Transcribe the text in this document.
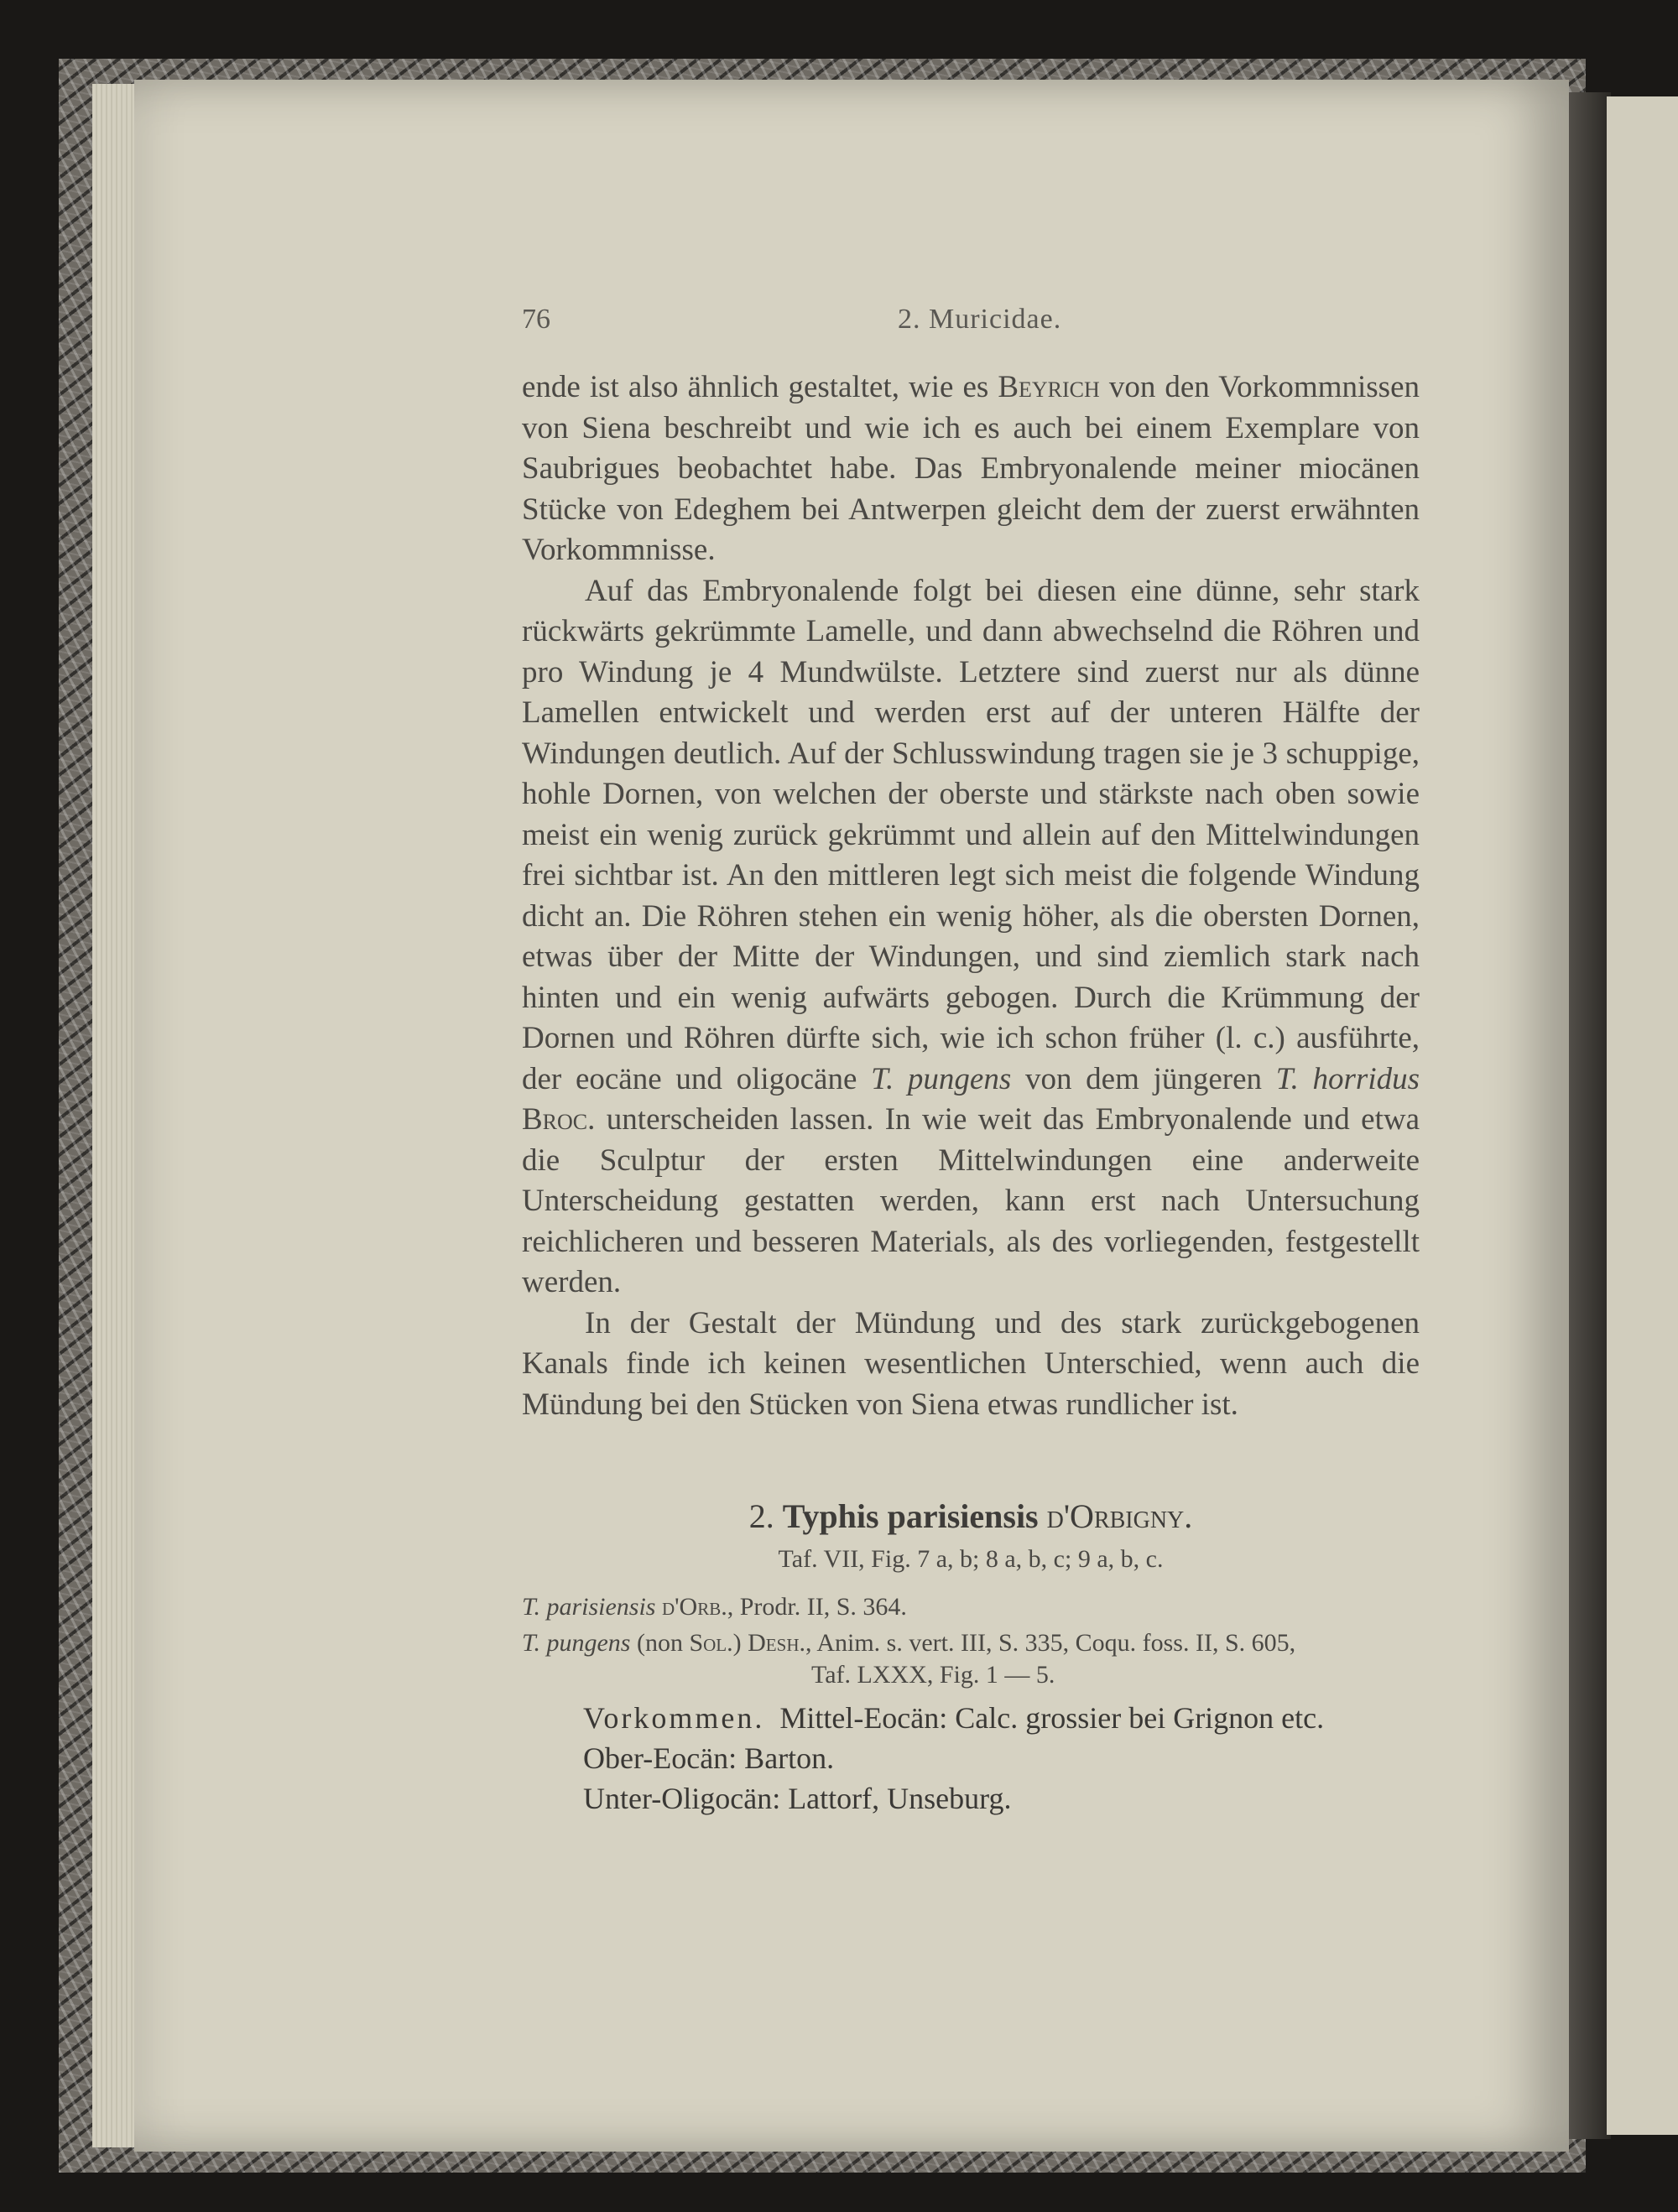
76	2. Muricidae.

ende ist also ähnlich gestaltet, wie es Beyrich von den Vorkommnissen von Siena beschreibt und wie ich es auch bei einem Exemplare von Saubrigues beobachtet habe. Das Embryonalende meiner miocänen Stücke von Edeghem bei Antwerpen gleicht dem der zuerst erwähnten Vorkommnisse.

Auf das Embryonalende folgt bei diesen eine dünne, sehr stark rückwärts gekrümmte Lamelle, und dann abwechselnd die Röhren und pro Windung je 4 Mundwülste. Letztere sind zuerst nur als dünne Lamellen entwickelt und werden erst auf der unteren Hälfte der Windungen deutlich. Auf der Schlusswindung tragen sie je 3 schuppige, hohle Dornen, von welchen der oberste und stärkste nach oben sowie meist ein wenig zurück gekrümmt und allein auf den Mittelwindungen frei sichtbar ist. An den mittleren legt sich meist die folgende Windung dicht an. Die Röhren stehen ein wenig höher, als die obersten Dornen, etwas über der Mitte der Windungen, und sind ziemlich stark nach hinten und ein wenig aufwärts gebogen. Durch die Krümmung der Dornen und Röhren dürfte sich, wie ich schon früher (l. c.) ausführte, der eocäne und oligocäne T. pungens von dem jüngeren T. horridus Broc. unterscheiden lassen. In wie weit das Embryonalende und etwa die Sculptur der ersten Mittelwindungen eine anderweite Unterscheidung gestatten werden, kann erst nach Untersuchung reichlicheren und besseren Materials, als des vorliegenden, festgestellt werden.

In der Gestalt der Mündung und des stark zurückgebogenen Kanals finde ich keinen wesentlichen Unterschied, wenn auch die Mündung bei den Stücken von Siena etwas rundlicher ist.

2. Typhis parisiensis d'Orbigny.
Taf. VII, Fig. 7 a, b; 8 a, b, c; 9 a, b, c.
T. parisiensis d'Orb., Prodr. II, S. 364.
T. pungens (non Sol.) Desh., Anim. s. vert. III, S. 335, Coqu. foss. II, S. 605,
Taf. LXXX, Fig. 1 — 5.
Vorkommen. Mittel-Eocän: Calc. grossier bei Grignon etc.
Ober-Eocän: Barton.
Unter-Oligocän: Lattorf, Unseburg.
